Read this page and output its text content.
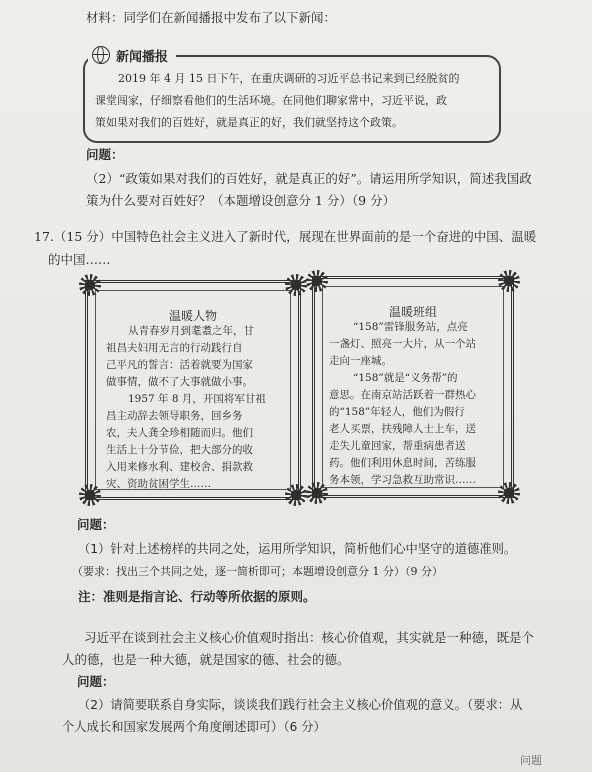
材料：同学们在新闻播报中发布了以下新闻：
新闻播报
2019 年 4 月 15 日下午，在重庆调研的习近平总书记来到已经脱贫的
课堂闯家，仔细察看他们的生活环境。在同他们聊家常中，习近平说，政
策如果对我们的百姓好，就是真正的好，我们就坚持这个政策。
问题：
（2）“政策如果对我们的百姓好，就是真正的好”。请运用所学知识，简述我国政
策为什么要对百姓好？（本题增设创意分 1 分）（9 分）
17.（15 分）中国特色社会主义进入了新时代，展现在世界面前的是一个奋进的中国、温暖
的中国……
温暖人物
从青春岁月到耄耋之年，甘
祖昌夫妇用无言的行动践行自
己平凡的誓言：活着就要为国家
做事情，做不了大事就做小事。
1957 年 8 月，开国将军甘祖
昌主动辞去领导职务，回乡务
农，夫人龚全珍相随而归。他们
生活上十分节俭，把大部分的收
入用来修水利、建校舍、捐款救
灾、资助贫困学生……
温暖班组
“158”雷锋服务站，点亮
一盏灯、照亮一大片，从一个站
走向一座城。
“158”就是“义务帮”的
意思。在南京站活跃着一群热心
的“158”年轻人，他们为假行
老人买票，扶残障人士上车，送
走失儿童回家，帮重病患者送
药。他们利用休息时间，苦练服
务本领，学习急救互助常识……
问题：
（1）针对上述榜样的共同之处，运用所学知识，简析他们心中坚守的道德准则。
（要求：找出三个共同之处，逐一简析即可；本题增设创意分 1 分）（9 分）
注：准则是指言论、行动等所依据的原则。
习近平在谈到社会主义核心价值观时指出：核心价值观，其实就是一种德，既是个
人的德，也是一种大德，就是国家的德、社会的德。
问题：
（2）请简要联系自身实际，谈谈我们践行社会主义核心价值观的意义。（要求：从
个人成长和国家发展两个角度阐述即可）（6 分）
问题
